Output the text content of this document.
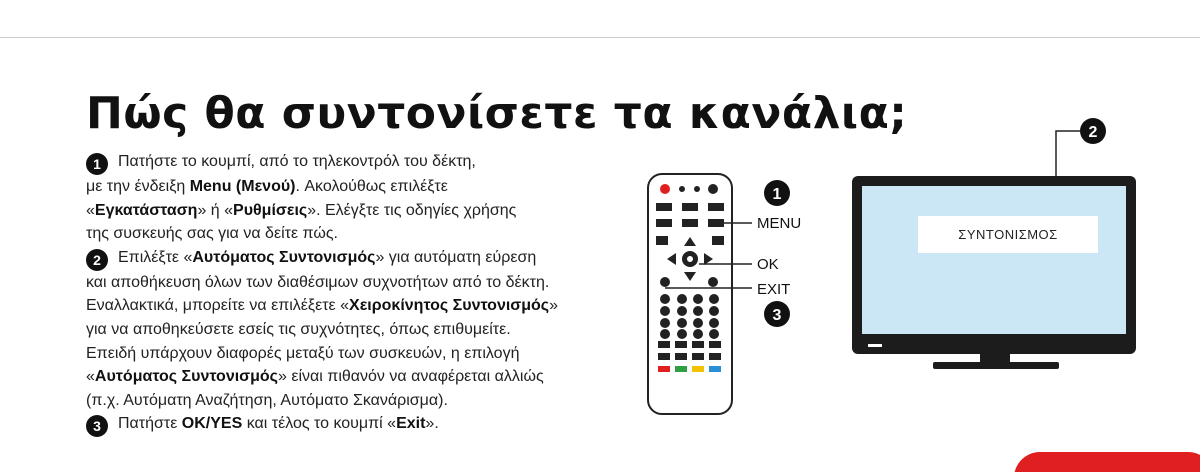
Πώς θα συντονίσετε τα κανάλια;
1 Πατήστε το κουμπί, από το τηλεκοντρόλ του δέκτη,
με την ένδειξη Menu (Μενού). Ακολούθως επιλέξτε
«Εγκατάσταση» ή «Ρυθμίσεις». Ελέγξτε τις οδηγίες χρήσης
της συσκευής σας για να δείτε πώς.
2 Επιλέξτε «Αυτόματος Συντονισμός» για αυτόματη εύρεση
και αποθήκευση όλων των διαθέσιμων συχνοτήτων από το δέκτη.
Εναλλακτικά, μπορείτε να επιλέξετε «Χειροκίνητος Συντονισμός»
για να αποθηκεύσετε εσείς τις συχνότητες, όπως επιθυμείτε.
Επειδή υπάρχουν διαφορές μεταξύ των συσκευών, η επιλογή
«Αυτόματος Συντονισμός» είναι πιθανόν να αναφέρεται αλλιώς
(π.χ. Αυτόματη Αναζήτηση, Αυτόματο Σκανάρισμα).
3 Πατήστε OK/YES και τέλος το κουμπί «Exit».
MENU
OK
EXIT
1
3
ΣΥΝΤΟΝΙΣΜΟΣ
2
